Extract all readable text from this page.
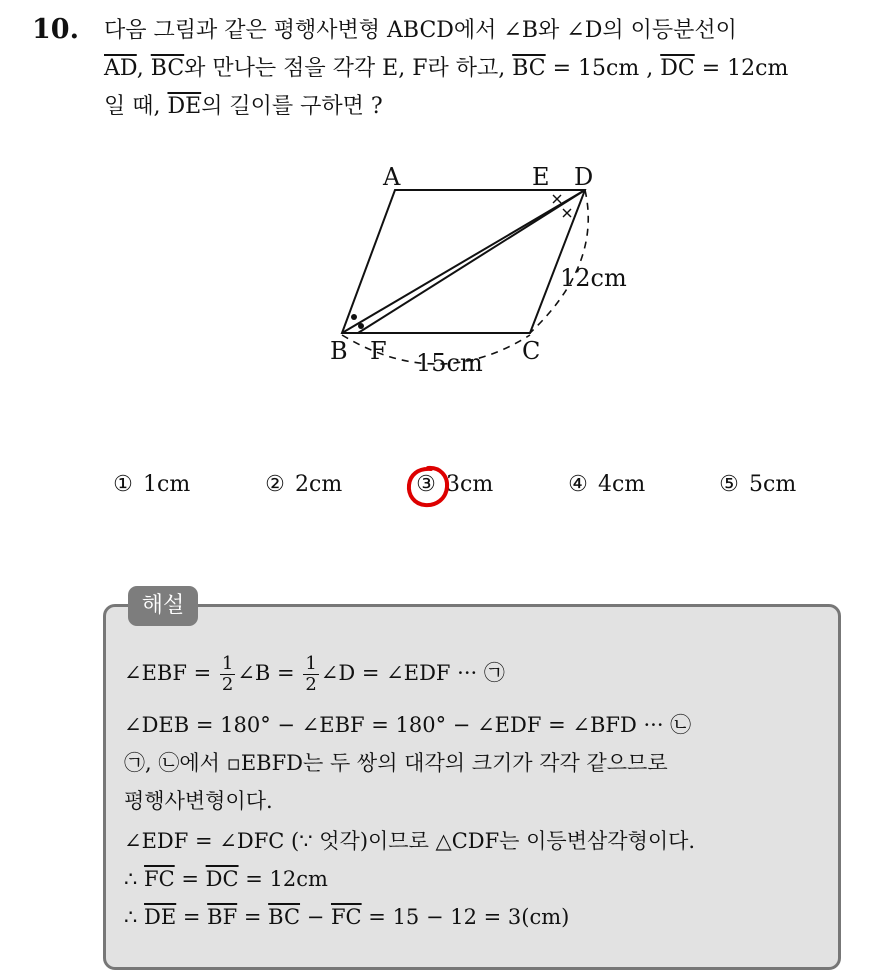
10. 다음 그림과 같은 평행사변형 ABCD에서 ∠B와 ∠D의 이등분선이
$\overline{AD}$, $\overline{BC}$와 만나는 점을 각각 E, F라 하고, $\overline{BC} = 15cm$ , $\overline{DC} = 12cm$
일 때, $\overline{DE}$의 길이를 구하면 ?
A	E D
B F	C
12cm
15cm
① 1cm	② 2cm	③ 3cm	④ 4cm	⑤ 5cm
해설
∠EBF = $\frac{1}{2}$ ∠B = $\frac{1}{2}$ ∠D = ∠EDF ··· ㉠
∠DEB = 180° − ∠EBF = 180° − ∠EDF = ∠BFD ··· ㉡
㉠, ㉡에서 ▫EBFD는 두 쌍의 대각의 크기가 각각 같으므로
평행사변형이다.
∠EDF = ∠DFC (∵ 엇각)이므로 △CDF는 이등변삼각형이다.
∴ $\overline{FC} = \overline{DC} = 12cm$
∴ $\overline{DE} = \overline{BF} = \overline{BC} - \overline{FC} = 15 - 12 = 3(cm)$
